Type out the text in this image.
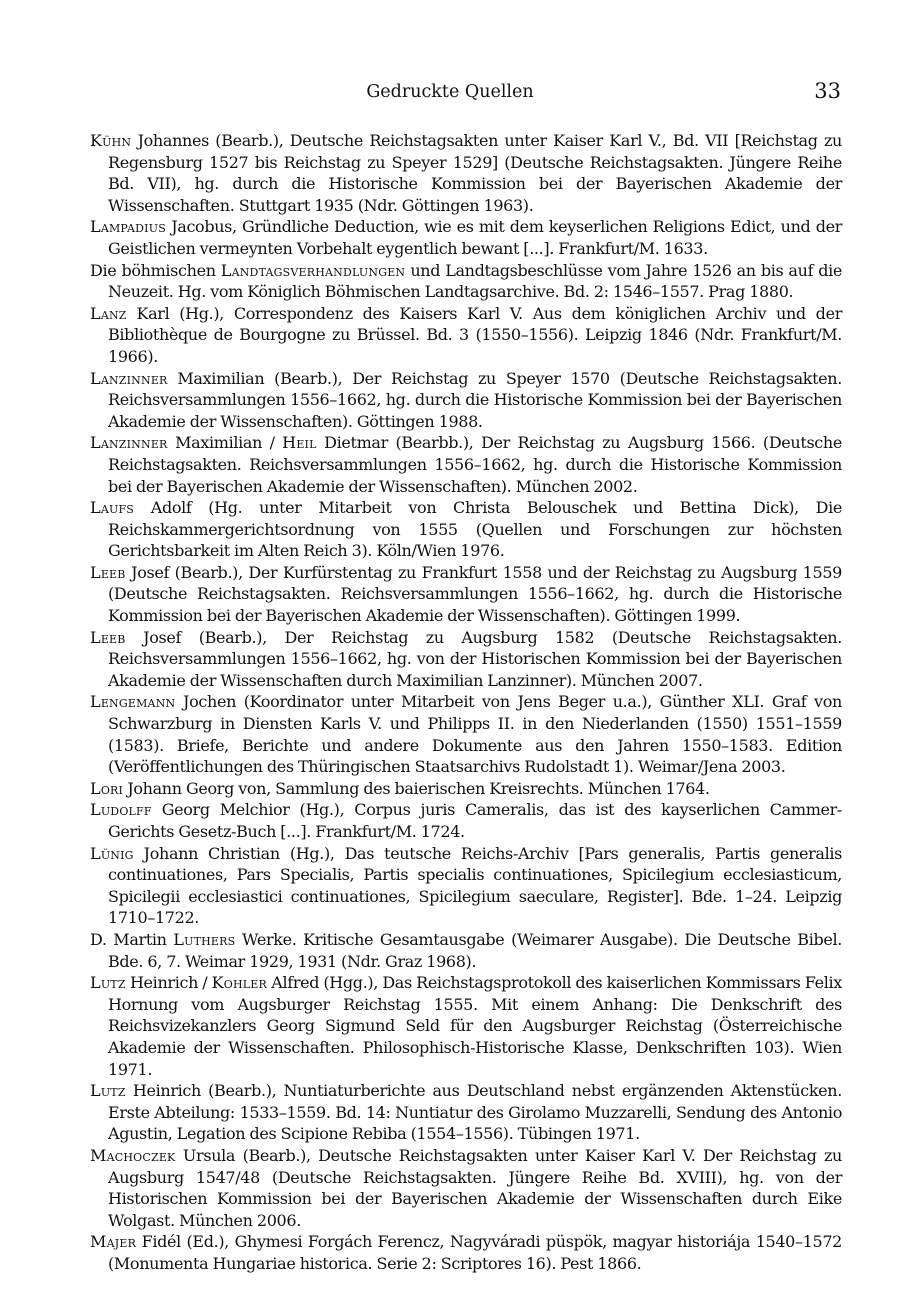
Gedruckte Quellen	33

Kühn Johannes (Bearb.), Deutsche Reichstagsakten unter Kaiser Karl V., Bd. VII [Reichstag zu Regensburg 1527 bis Reichstag zu Speyer 1529] (Deutsche Reichstagsakten. Jüngere Reihe Bd. VII), hg. durch die Historische Kommission bei der Bayerischen Akademie der Wissenschaften. Stuttgart 1935 (Ndr. Göttingen 1963).

Lampadius Jacobus, Gründliche Deduction, wie es mit dem keyserlichen Religions Edict, und der Geistlichen vermeynten Vorbehalt eygentlich bewant [...]. Frankfurt/M. 1633.

Die böhmischen Landtagsverhandlungen und Landtagsbeschlüsse vom Jahre 1526 an bis auf die Neuzeit. Hg. vom Königlich Böhmischen Landtagsarchive. Bd. 2: 1546–1557. Prag 1880.

Lanz Karl (Hg.), Correspondenz des Kaisers Karl V. Aus dem königlichen Archiv und der Bibliothèque de Bourgogne zu Brüssel. Bd. 3 (1550–1556). Leipzig 1846 (Ndr. Frankfurt/M. 1966).

Lanzinner Maximilian (Bearb.), Der Reichstag zu Speyer 1570 (Deutsche Reichstagsakten. Reichsversammlungen 1556–1662, hg. durch die Historische Kommission bei der Bayerischen Akademie der Wissenschaften). Göttingen 1988.

Lanzinner Maximilian / Heil Dietmar (Bearbb.), Der Reichstag zu Augsburg 1566. (Deutsche Reichstagsakten. Reichsversammlungen 1556–1662, hg. durch die Historische Kommission bei der Bayerischen Akademie der Wissenschaften). München 2002.

Laufs Adolf (Hg. unter Mitarbeit von Christa Belouschek und Bettina Dick), Die Reichskammergerichtsordnung von 1555 (Quellen und Forschungen zur höchsten Gerichtsbarkeit im Alten Reich 3). Köln/Wien 1976.

Leeb Josef (Bearb.), Der Kurfürstentag zu Frankfurt 1558 und der Reichstag zu Augsburg 1559 (Deutsche Reichstagsakten. Reichsversammlungen 1556–1662, hg. durch die Historische Kommission bei der Bayerischen Akademie der Wissenschaften). Göttingen 1999.

Leeb Josef (Bearb.), Der Reichstag zu Augsburg 1582 (Deutsche Reichstagsakten. Reichsversammlungen 1556–1662, hg. von der Historischen Kommission bei der Bayerischen Akademie der Wissenschaften durch Maximilian Lanzinner). München 2007.

Lengemann Jochen (Koordinator unter Mitarbeit von Jens Beger u.a.), Günther XLI. Graf von Schwarzburg in Diensten Karls V. und Philipps II. in den Niederlanden (1550) 1551–1559 (1583). Briefe, Berichte und andere Dokumente aus den Jahren 1550–1583. Edition (Veröffentlichungen des Thüringischen Staatsarchivs Rudolstadt 1). Weimar/Jena 2003.

Lori Johann Georg von, Sammlung des baierischen Kreisrechts. München 1764.

Ludolff Georg Melchior (Hg.), Corpus juris Cameralis, das ist des kayserlichen Cammer-Gerichts Gesetz-Buch [...]. Frankfurt/M. 1724.

Lünig Johann Christian (Hg.), Das teutsche Reichs-Archiv [Pars generalis, Partis generalis continuationes, Pars Specialis, Partis specialis continuationes, Spicilegium ecclesiasticum, Spicilegii ecclesiastici continuationes, Spicilegium saeculare, Register]. Bde. 1–24. Leipzig 1710–1722.

D. Martin Luthers Werke. Kritische Gesamtausgabe (Weimarer Ausgabe). Die Deutsche Bibel. Bde. 6, 7. Weimar 1929, 1931 (Ndr. Graz 1968).

Lutz Heinrich / Kohler Alfred (Hgg.), Das Reichstagsprotokoll des kaiserlichen Kommissars Felix Hornung vom Augsburger Reichstag 1555. Mit einem Anhang: Die Denkschrift des Reichsvizekanzlers Georg Sigmund Seld für den Augsburger Reichstag (Österreichische Akademie der Wissenschaften. Philosophisch-Historische Klasse, Denkschriften 103). Wien 1971.

Lutz Heinrich (Bearb.), Nuntiaturberichte aus Deutschland nebst ergänzenden Aktenstücken. Erste Abteilung: 1533–1559. Bd. 14: Nuntiatur des Girolamo Muzzarelli, Sendung des Antonio Agustin, Legation des Scipione Rebiba (1554–1556). Tübingen 1971.

Machoczek Ursula (Bearb.), Deutsche Reichstagsakten unter Kaiser Karl V. Der Reichstag zu Augsburg 1547/48 (Deutsche Reichstagsakten. Jüngere Reihe Bd. XVIII), hg. von der Historischen Kommission bei der Bayerischen Akademie der Wissenschaften durch Eike Wolgast. München 2006.

Majer Fidél (Ed.), Ghymesi Forgách Ferencz, Nagyváradi püspök, magyar historiája 1540–1572 (Monumenta Hungariae historica. Serie 2: Scriptores 16). Pest 1866.
